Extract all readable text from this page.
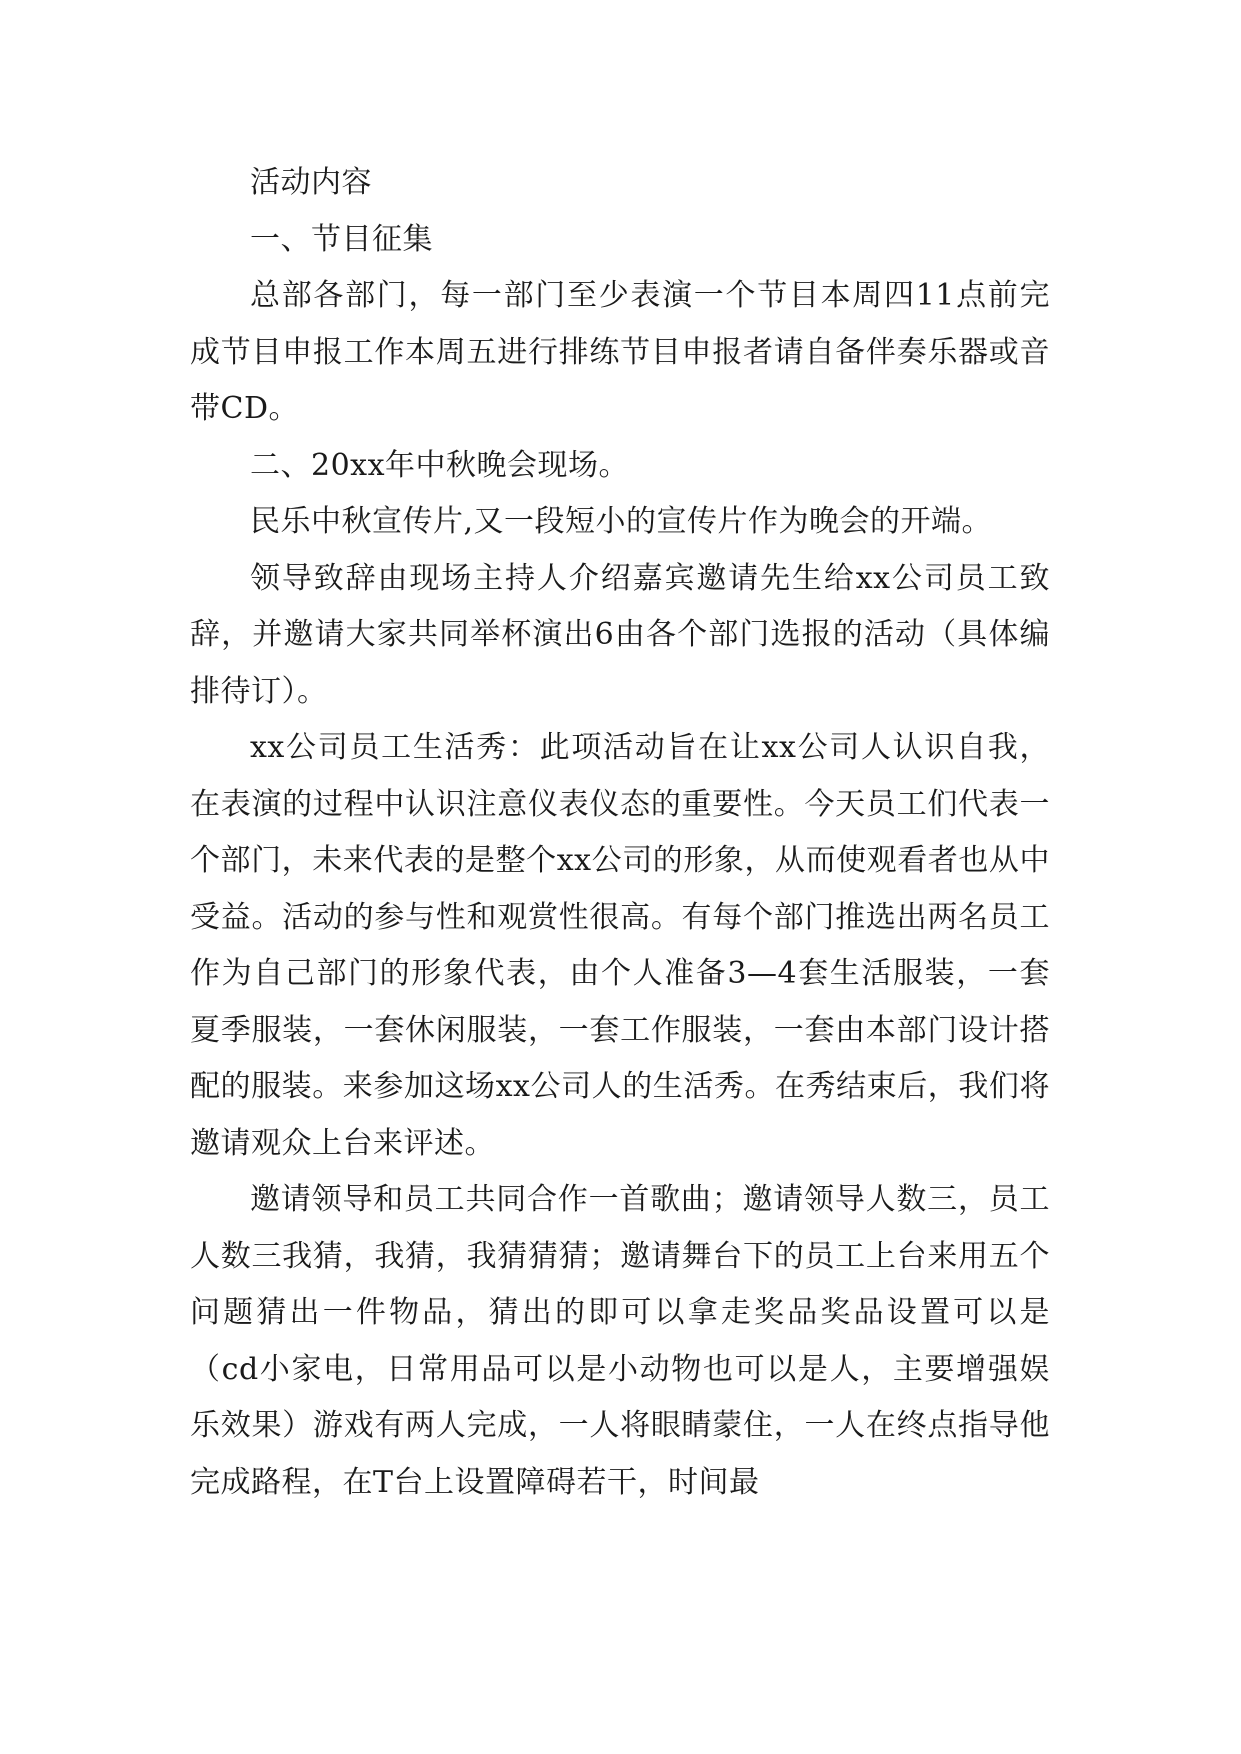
活动内容

一、节目征集

总部各部门，每一部门至少表演一个节目本周四11点前完成节目申报工作本周五进行排练节目申报者请自备伴奏乐器或音带CD。

二、20xx年中秋晚会现场。

民乐中秋宣传片,又一段短小的宣传片作为晚会的开端。

领导致辞由现场主持人介绍嘉宾邀请先生给xx公司员工致辞，并邀请大家共同举杯演出6由各个部门选报的活动（具体编排待订）。

xx公司员工生活秀：此项活动旨在让xx公司人认识自我，在表演的过程中认识注意仪表仪态的重要性。今天员工们代表一个部门，未来代表的是整个xx公司的形象，从而使观看者也从中受益。活动的参与性和观赏性很高。有每个部门推选出两名员工作为自己部门的形象代表，由个人准备3—4套生活服装，一套夏季服装，一套休闲服装，一套工作服装，一套由本部门设计搭配的服装。来参加这场xx公司人的生活秀。在秀结束后，我们将邀请观众上台来评述。

邀请领导和员工共同合作一首歌曲；邀请领导人数三，员工人数三我猜，我猜，我猜猜猜；邀请舞台下的员工上台来用五个问题猜出一件物品，猜出的即可以拿走奖品奖品设置可以是（cd小家电，日常用品可以是小动物也可以是人，主要增强娱乐效果）游戏有两人完成，一人将眼睛蒙住，一人在终点指导他完成路程，在T台上设置障碍若干，时间最
